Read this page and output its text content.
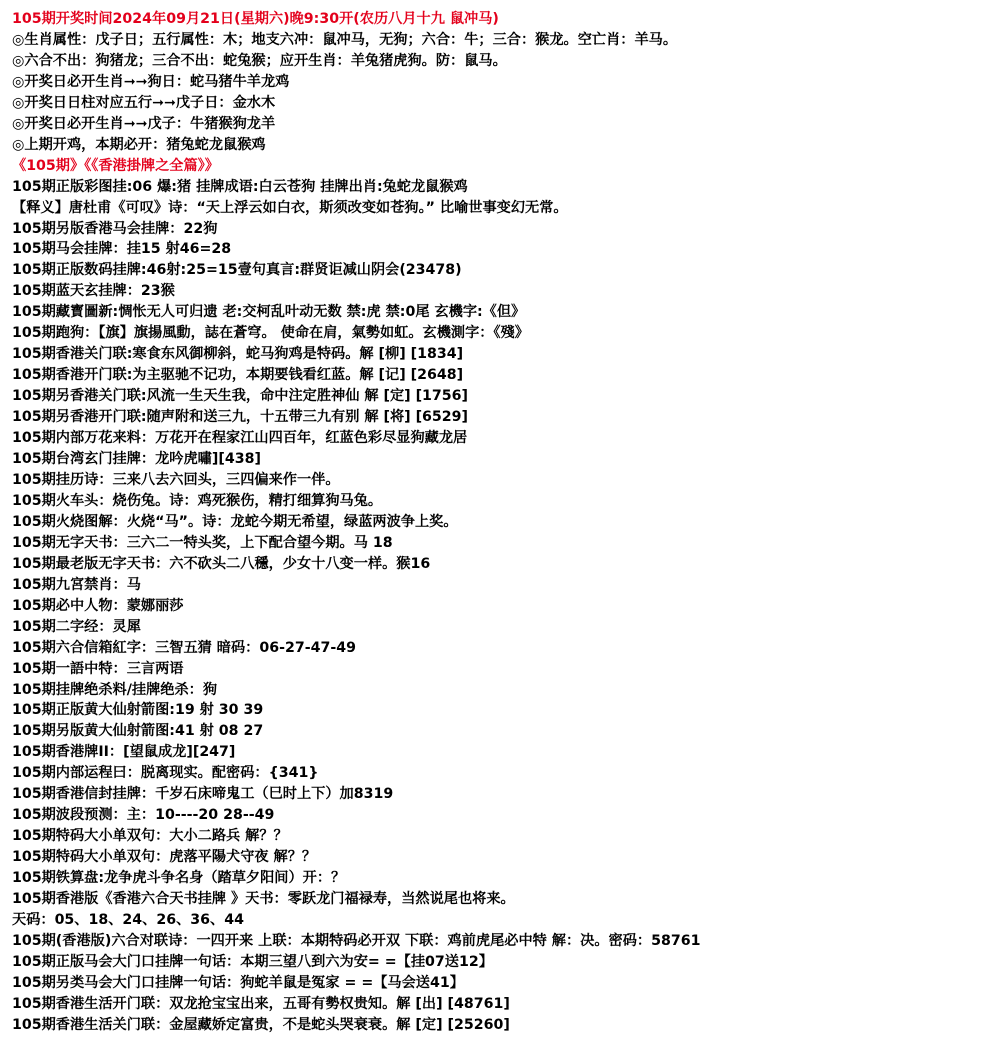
105期开奖时间2024年09月21日(星期六)晚9:30开(农历八月十九 鼠冲马)
◎生肖属性：戊子日；五行属性：木；地支六冲：鼠冲马，无狗；六合：牛；三合：猴龙。空亡肖：羊马。
◎六合不出：狗猪龙；三合不出：蛇兔猴；应开生肖：羊兔猪虎狗。防：鼠马。
◎开奖日必开生肖➞➞狗日：蛇马猪牛羊龙鸡
◎开奖日日柱对应五行➞➞戊子日：金水木
◎开奖日必开生肖➞➞戊子：牛猪猴狗龙羊
◎上期开鸡，本期必开：猪兔蛇龙鼠猴鸡
《105期》《《香港掛牌之全篇》》
105期正版彩图挂:06 爆:猪 挂牌成语:白云苍狗 挂牌出肖:兔蛇龙鼠猴鸡
【释义】唐杜甫《可叹》诗：“天上浮云如白衣，斯须改变如苍狗。” 比喻世事变幻无常。
105期另版香港马会挂牌：22狗
105期马会挂牌：挂15 射46=28
105期正版数码挂牌:46射:25=15壹句真言:群贤讵减山阴会(23478)
105期蓝天玄挂牌：23猴
105期藏寳圖新:惆怅无人可归遗 老:交柯乱叶动无数 禁:虎 禁:0尾 玄機字:《但》
105期跑狗：【旗】旗揚風動，誌在蒼穹。 使命在肩，氣勢如虹。玄機測字：《殘》
105期香港关门联:寒食东风御柳斜，蛇马狗鸡是特码。解 [柳] [1834]
105期香港开门联:为主驱驰不记功，本期要钱看红蓝。解 [记] [2648]
105期另香港关门联:风流一生天生我，命中注定胜神仙 解 [定] [1756]
105期另香港开门联:随声附和送三九，十五带三九有别 解 [将] [6529]
105期内部万花来料：万花开在程家江山四百年，红蓝色彩尽显狗藏龙居
105期台湾玄门挂牌：龙吟虎嘯][438]
105期挂历诗：三来八去六回头，三四偏来作一伴。
105期火车头：烧伤兔。诗：鸡死猴伤，精打细算狗马兔。
105期火烧图解：火烧“马”。诗：龙蛇今期无希望，绿蓝两波争上奖。
105期无字天书：三六二一特头奖，上下配合望今期。马 18
105期最老版无字天书：六不砍头二八穩，少女十八变一样。猴16
105期九宮禁肖：马
105期必中人物：蒙娜丽莎
105期二字经：灵犀
105期六合信箱紅字：三智五猜 暗码：06-27-47-49
105期一語中特：三言两语
105期挂牌绝杀料/挂牌绝杀：狗
105期正版黄大仙射箭图:19 射 30 39
105期另版黄大仙射箭图:41 射 08 27
105期香港牌II：[望鼠成龙][247]
105期内部运程曰：脱离现实。配密码：{341}
105期香港信封挂牌：千岁石床啼鬼工（巳时上下）加8319
105期波段预测：主：10----20 28--49
105期特码大小单双句：大小二路兵 解？？
105期特码大小单双句：虎落平陽犬守夜 解？？
105期铁算盘:龙争虎斗争名身（踏草夕阳间）开：？
105期香港版《香港六合天书挂牌 》天书：零跃龙门福禄寿，当然说尾也将来。
天码：05、18、24、26、36、44
105期(香港版)六合对联诗：一四开来 上联：本期特码必开双 下联：鸡前虎尾必中特 解：决。密码：58761
105期正版马会大门口挂牌一句话：本期三望八到六为安= =【挂07送12】
105期另类马会大门口挂牌一句话：狗蛇羊鼠是冤家 = =【马会送41】
105期香港生活开门联：双龙抢宝宝出来，五哥有勢权贵知。解 [出] [48761]
105期香港生活关门联：金屋藏娇定富贵，不是蛇头哭衰衰。解 [定] [25260]
